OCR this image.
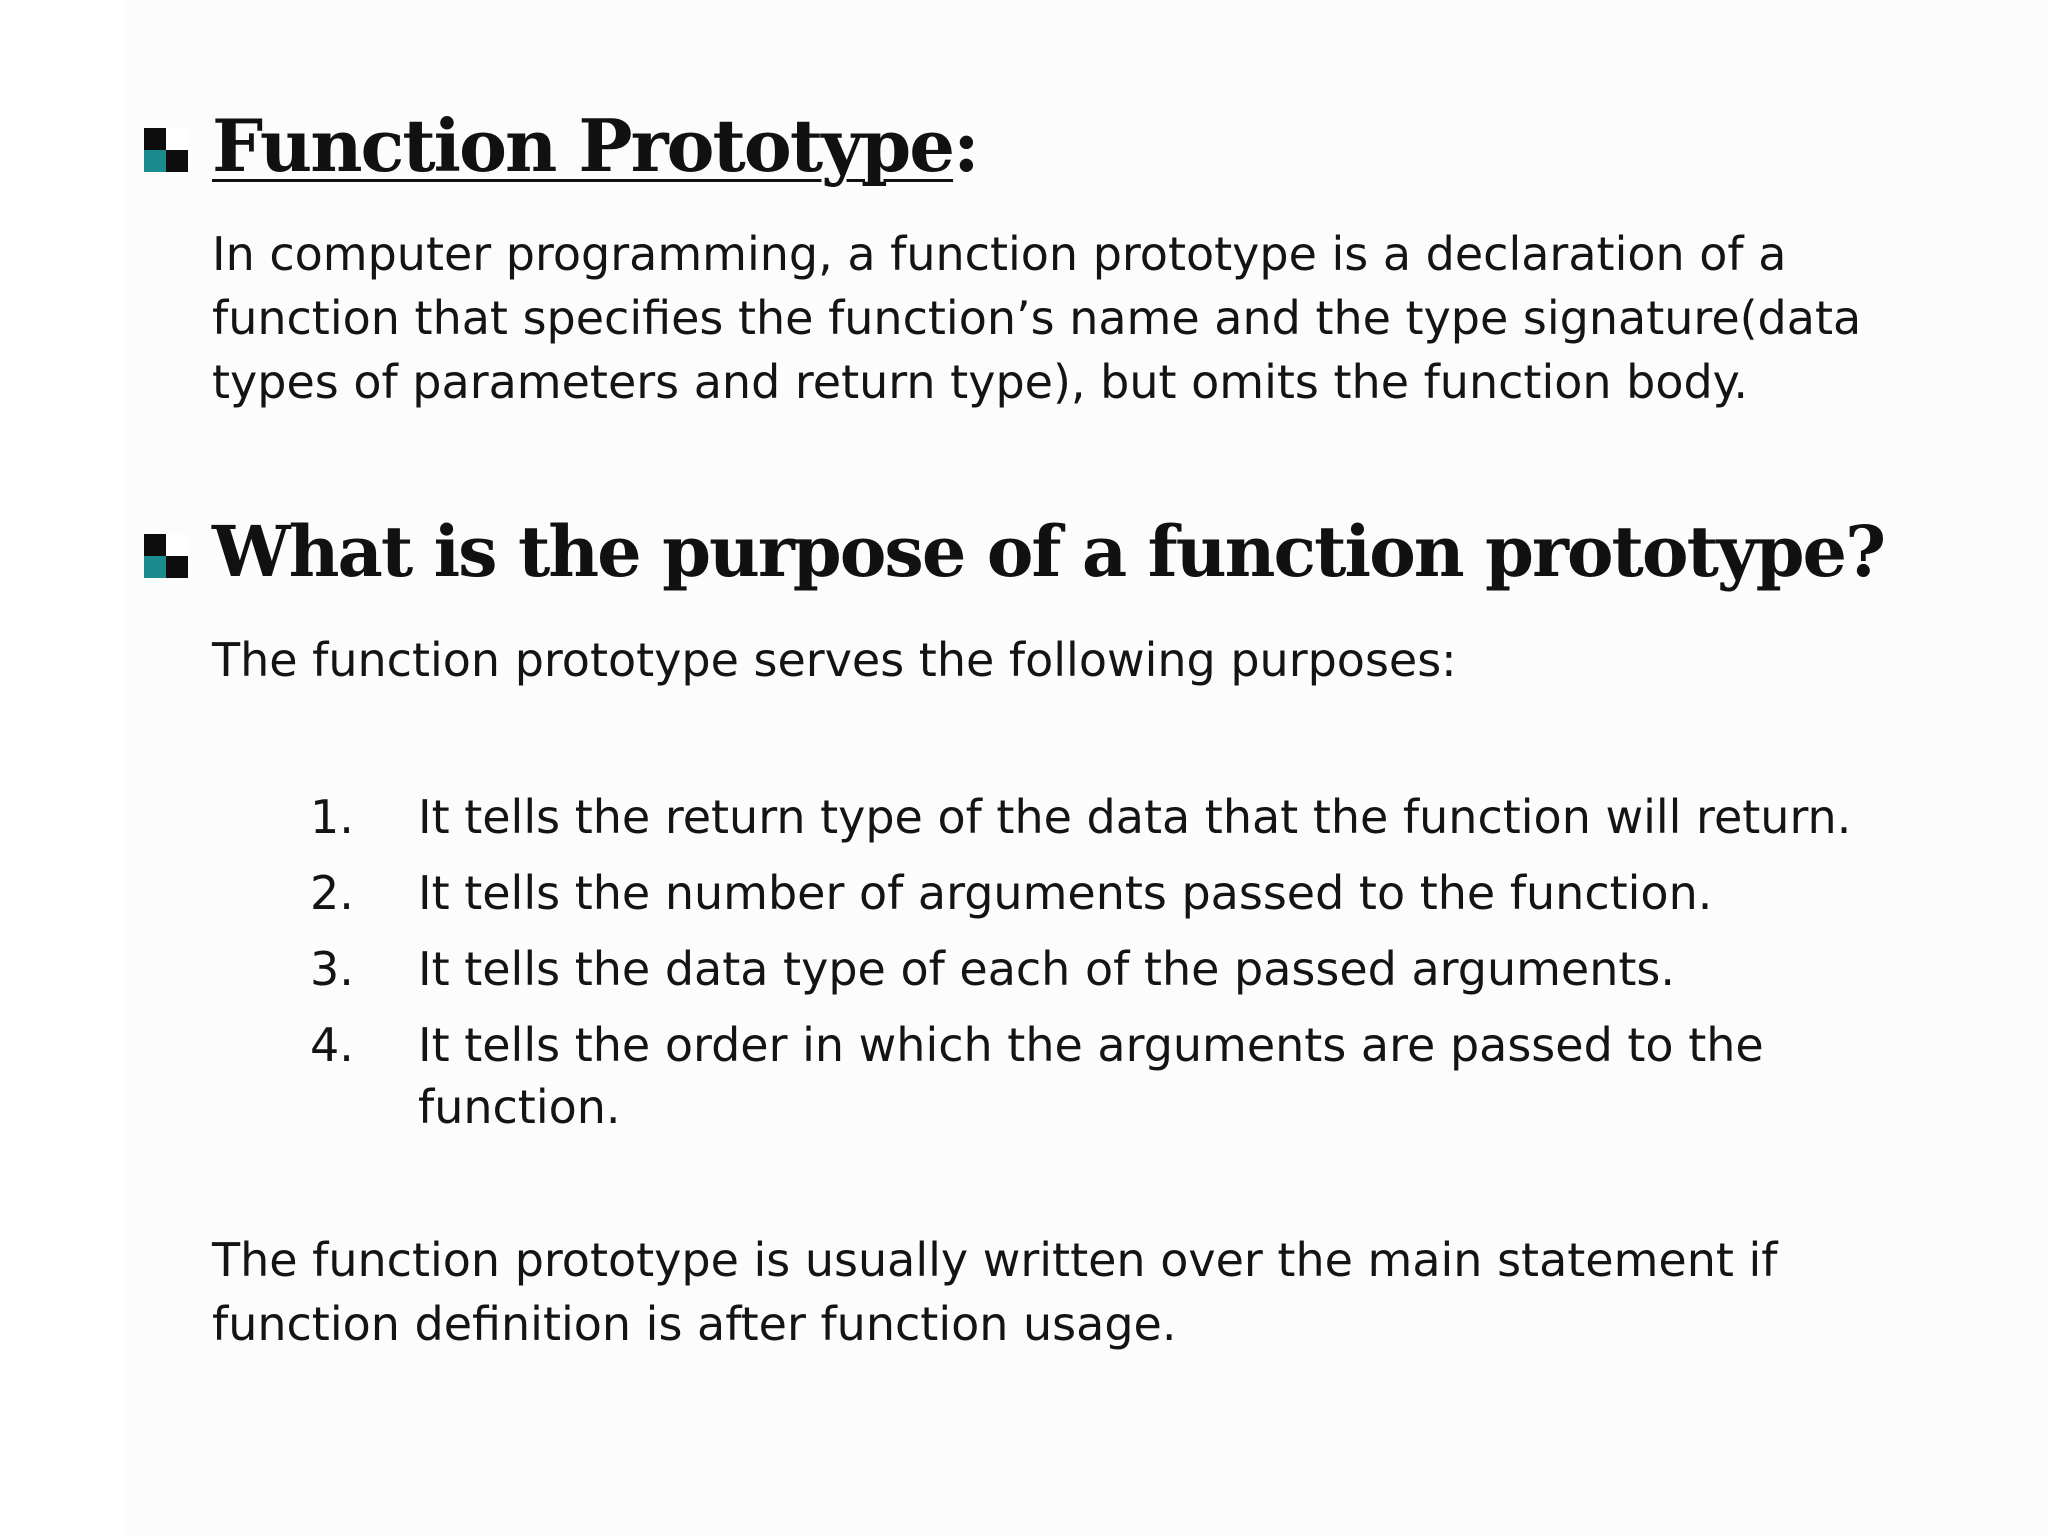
Function Prototype:
In computer programming, a function prototype is a declaration of a
function that specifies the function’s name and the type signature(data
types of parameters and return type), but omits the function body.
What is the purpose of a function prototype?
The function prototype serves the following purposes:
1.	It tells the return type of the data that the function will return.
2.	It tells the number of arguments passed to the function.
3.	It tells the data type of each of the passed arguments.
4.	It tells the order in which the arguments are passed to the function.
The function prototype is usually written over the main statement if
function definition is after function usage.
